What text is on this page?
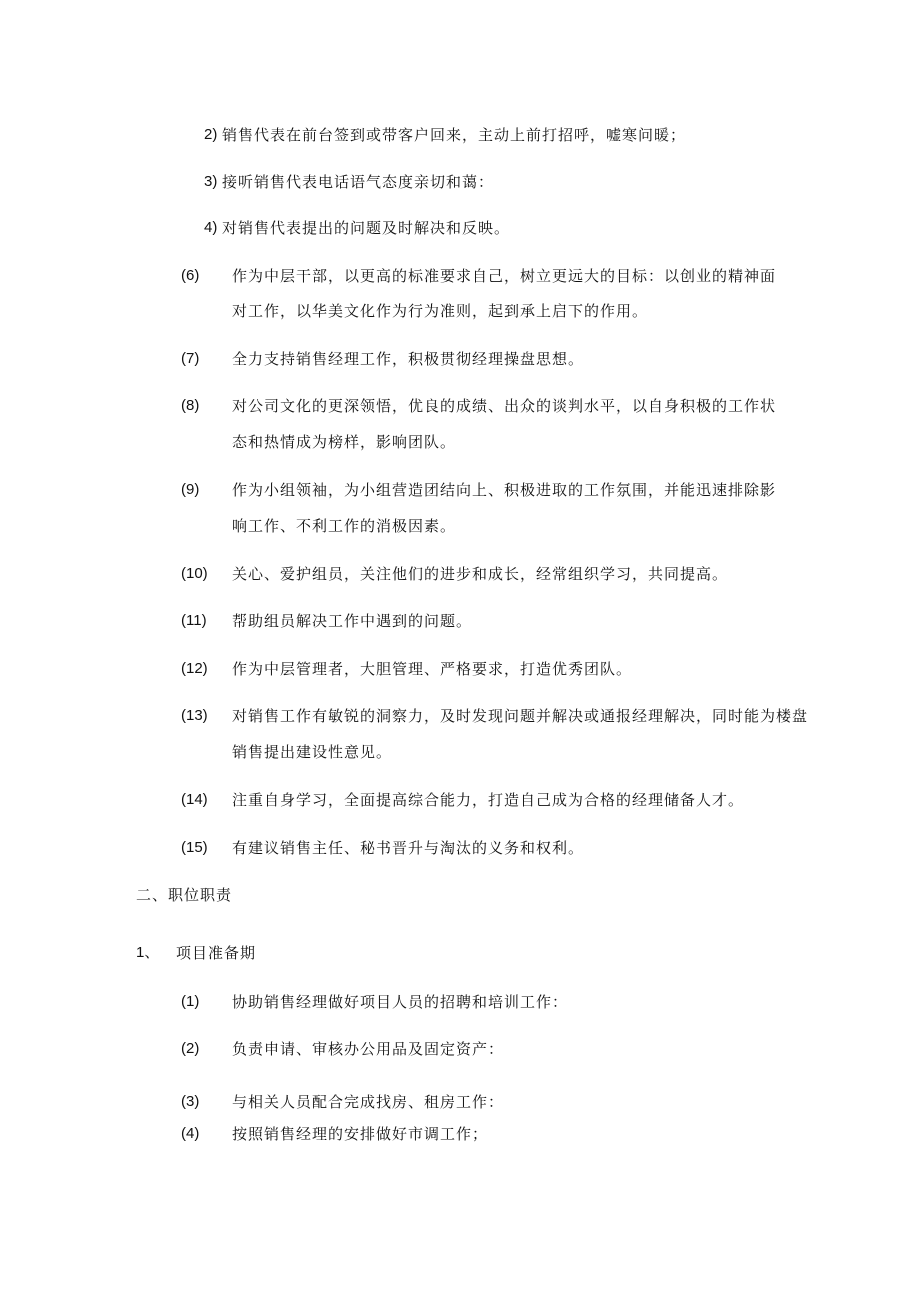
2) 销售代表在前台签到或带客户回来，主动上前打招呼，嘘寒问暖；
3) 接听销售代表电话语气态度亲切和蔼：
4) 对销售代表提出的问题及时解决和反映。
(6) 作为中层干部，以更高的标准要求自己，树立更远大的目标：以创业的精神面
对工作，以华美文化作为行为准则，起到承上启下的作用。
(7) 全力支持销售经理工作，积极贯彻经理操盘思想。
(8) 对公司文化的更深领悟，优良的成绩、出众的谈判水平，以自身积极的工作状
态和热情成为榜样，影响团队。
(9) 作为小组领袖，为小组营造团结向上、积极进取的工作氛围，并能迅速排除影
响工作、不利工作的消极因素。
(10) 关心、爱护组员，关注他们的进步和成长，经常组织学习，共同提高。
(11) 帮助组员解决工作中遇到的问题。
(12) 作为中层管理者，大胆管理、严格要求，打造优秀团队。
(13) 对销售工作有敏锐的洞察力，及时发现问题并解决或通报经理解决，同时能为楼盘
销售提出建设性意见。
(14) 注重自身学习，全面提高综合能力，打造自己成为合格的经理储备人才。
(15) 有建议销售主任、秘书晋升与淘汰的义务和权利。
二、职位职责
1、 项目准备期
(1) 协助销售经理做好项目人员的招聘和培训工作：
(2) 负责申请、审核办公用品及固定资产：
(3) 与相关人员配合完成找房、租房工作：
(4) 按照销售经理的安排做好市调工作；
